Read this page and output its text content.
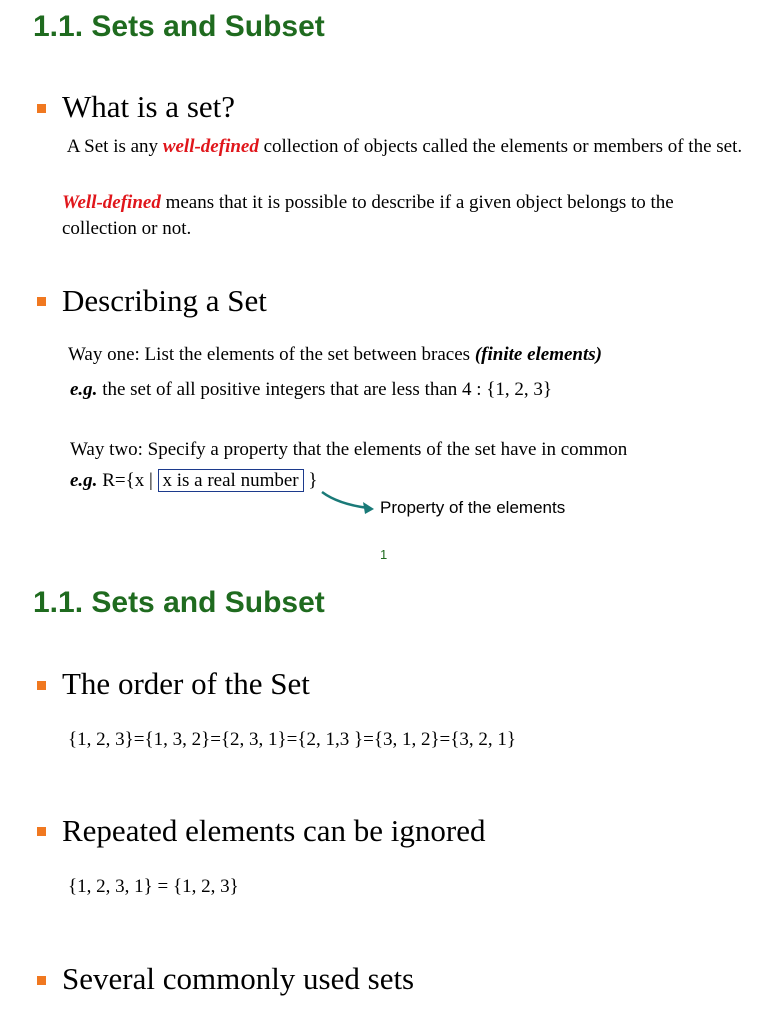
1.1. Sets and Subset
What is a set?
A Set is any well-defined collection of objects called the elements or members of the set.
Well-defined means that it is possible to describe if a given object belongs to the collection or not.
Describing a Set
Way one: List the elements of the set between braces (finite elements)
e.g. the set of all positive integers that are less than 4 : {1, 2, 3}
Way two: Specify a property that the elements of the set have in common
e.g. R={x | x is a real number }
Property of the elements
1
1.1. Sets and Subset
The order of the Set
{1, 2, 3}={1, 3, 2}={2, 3, 1}={2, 1,3 }={3, 1, 2}={3, 2, 1}
Repeated elements can be ignored
{1, 2, 3, 1} = {1, 2, 3}
Several commonly used sets
